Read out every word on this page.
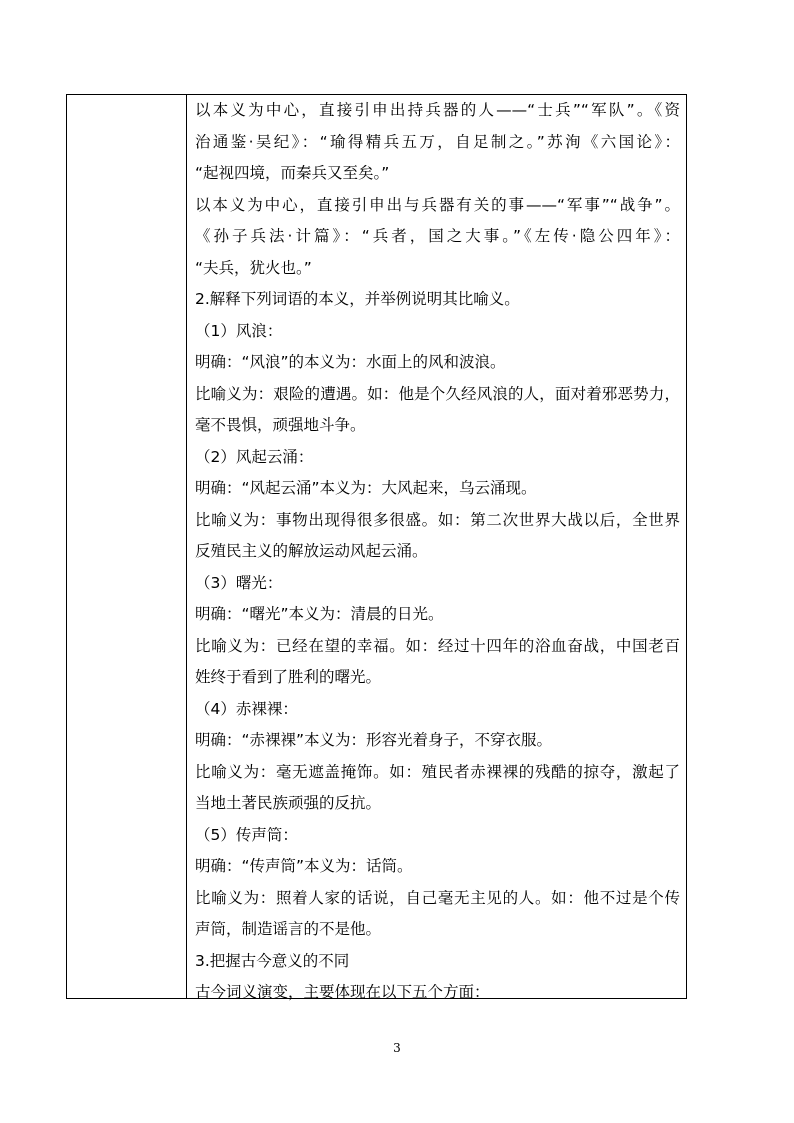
以本义为中心，直接引申出持兵器的人——“士兵”“军队”。《资
治通鉴·吴纪》：“瑜得精兵五万，自足制之。”苏洵《六国论》：
“起视四境，而秦兵又至矣。”
以本义为中心，直接引申出与兵器有关的事——“军事”“战争”。
《孙子兵法·计篇》：“兵者，国之大事。”《左传·隐公四年》：
“夫兵，犹火也。”
2.解释下列词语的本义，并举例说明其比喻义。
（1）风浪：
明确：“风浪”的本义为：水面上的风和波浪。
比喻义为：艰险的遭遇。如：他是个久经风浪的人，面对着邪恶势力，
毫不畏惧，顽强地斗争。
（2）风起云涌：
明确：“风起云涌”本义为：大风起来，乌云涌现。
比喻义为：事物出现得很多很盛。如：第二次世界大战以后，全世界
反殖民主义的解放运动风起云涌。
（3）曙光：
明确：“曙光”本义为：清晨的日光。
比喻义为：已经在望的幸福。如：经过十四年的浴血奋战，中国老百
姓终于看到了胜利的曙光。
（4）赤裸裸：
明确：“赤裸裸”本义为：形容光着身子，不穿衣服。
比喻义为：毫无遮盖掩饰。如：殖民者赤裸裸的残酷的掠夺，激起了
当地土著民族顽强的反抗。
（5）传声筒：
明确：“传声筒”本义为：话筒。
比喻义为：照着人家的话说，自己毫无主见的人。如：他不过是个传
声筒，制造谣言的不是他。
3.把握古今意义的不同
古今词义演变，主要体现在以下五个方面：
3
